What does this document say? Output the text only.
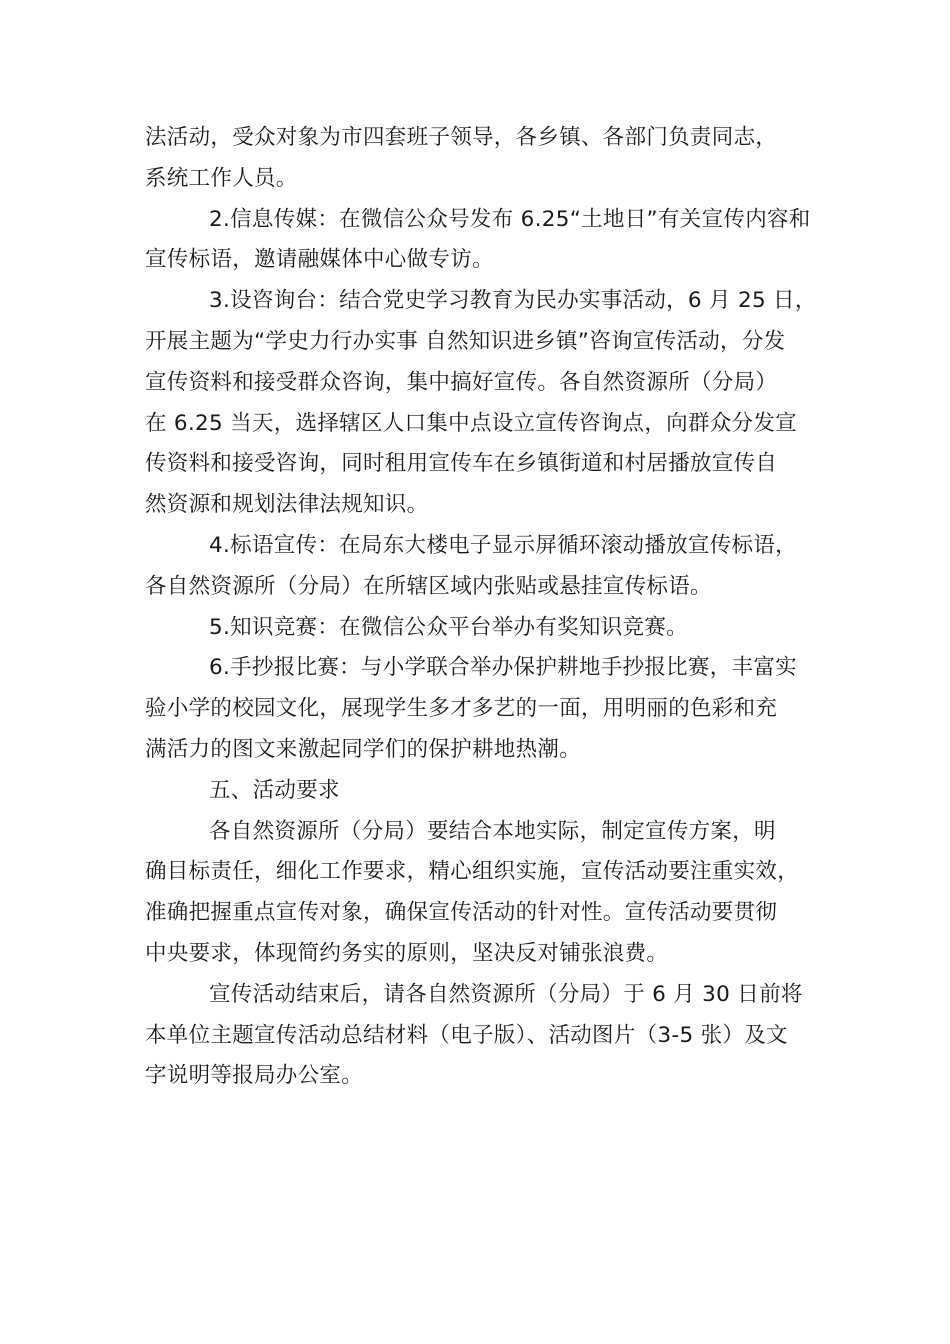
法活动，受众对象为市四套班子领导，各乡镇、各部门负责同志，
系统工作人员。
2.信息传媒：在微信公众号发布 6.25“土地日”有关宣传内容和
宣传标语，邀请融媒体中心做专访。
3.设咨询台：结合党史学习教育为民办实事活动，6 月 25 日，
开展主题为“学史力行办实事 自然知识进乡镇”咨询宣传活动，分发
宣传资料和接受群众咨询，集中搞好宣传。各自然资源所（分局）
在 6.25 当天，选择辖区人口集中点设立宣传咨询点，向群众分发宣
传资料和接受咨询，同时租用宣传车在乡镇街道和村居播放宣传自
然资源和规划法律法规知识。
4.标语宣传：在局东大楼电子显示屏循环滚动播放宣传标语，
各自然资源所（分局）在所辖区域内张贴或悬挂宣传标语。
5.知识竞赛：在微信公众平台举办有奖知识竞赛。
6.手抄报比赛：与小学联合举办保护耕地手抄报比赛，丰富实
验小学的校园文化，展现学生多才多艺的一面，用明丽的色彩和充
满活力的图文来激起同学们的保护耕地热潮。
五、活动要求
各自然资源所（分局）要结合本地实际，制定宣传方案，明
确目标责任，细化工作要求，精心组织实施，宣传活动要注重实效，
准确把握重点宣传对象，确保宣传活动的针对性。宣传活动要贯彻
中央要求，体现简约务实的原则，坚决反对铺张浪费。
宣传活动结束后，请各自然资源所（分局）于 6 月 30 日前将
本单位主题宣传活动总结材料（电子版）、活动图片（3-5 张）及文
字说明等报局办公室。
